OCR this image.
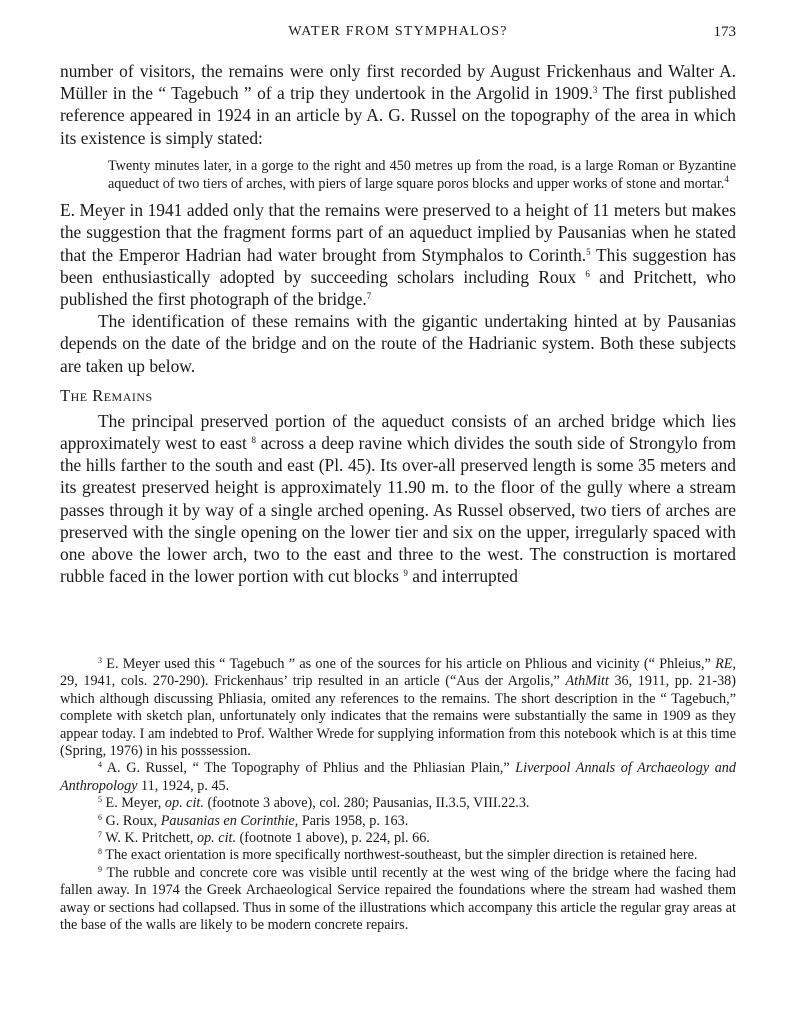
WATER FROM STYMPHALOS?	173

number of visitors, the remains were only first recorded by August Frickenhaus and Walter A. Müller in the “ Tagebuch ” of a trip they undertook in the Argolid in 1909.$^3$ The first published reference appeared in 1924 in an article by A. G. Russel on the topography of the area in which its existence is simply stated:

Twenty minutes later, in a gorge to the right and 450 metres up from the road, is a large Roman or Byzantine aqueduct of two tiers of arches, with piers of large square poros blocks and upper works of stone and mortar.$^4$

E. Meyer in 1941 added only that the remains were preserved to a height of 11 meters but makes the suggestion that the fragment forms part of an aqueduct implied by Pausanias when he stated that the Emperor Hadrian had water brought from Stymphalos to Corinth.$^5$ This suggestion has been enthusiastically adopted by succeeding scholars including Roux $^6$ and Pritchett, who published the first photograph of the bridge.$^7$

The identification of these remains with the gigantic undertaking hinted at by Pausanias depends on the date of the bridge and on the route of the Hadrianic system. Both these subjects are taken up below.

The Remains

The principal preserved portion of the aqueduct consists of an arched bridge which lies approximately west to east $^8$ across a deep ravine which divides the south side of Strongylo from the hills farther to the south and east (Pl. 45). Its over-all preserved length is some 35 meters and its greatest preserved height is approximately 11.90 m. to the floor of the gully where a stream passes through it by way of a single arched opening. As Russel observed, two tiers of arches are preserved with the single opening on the lower tier and six on the upper, irregularly spaced with one above the lower arch, two to the east and three to the west. The construction is mortared rubble faced in the lower portion with cut blocks $^9$ and interrupted

$^3$ E. Meyer used this “ Tagebuch ” as one of the sources for his article on Phlious and vicinity (“ Phleius,” RE, 29, 1941, cols. 270-290). Frickenhaus’ trip resulted in an article (“Aus der Argolis,” AthMitt 36, 1911, pp. 21-38) which although discussing Phliasia, omited any references to the remains. The short description in the “ Tagebuch,” complete with sketch plan, unfortunately only indicates that the remains were substantially the same in 1909 as they appear today. I am indebted to Prof. Walther Wrede for supplying information from this notebook which is at this time (Spring, 1976) in his posssession.

$^4$ A. G. Russel, “ The Topography of Phlius and the Phliasian Plain,” Liverpool Annals of Archaeology and Anthropology 11, 1924, p. 45.

$^5$ E. Meyer, op. cit. (footnote 3 above), col. 280; Pausanias, II.3.5, VIII.22.3.

$^6$ G. Roux, Pausanias en Corinthie, Paris 1958, p. 163.

$^7$ W. K. Pritchett, op. cit. (footnote 1 above), p. 224, pl. 66.

$^8$ The exact orientation is more specifically northwest-southeast, but the simpler direction is retained here.

$^9$ The rubble and concrete core was visible until recently at the west wing of the bridge where the facing had fallen away. In 1974 the Greek Archaeological Service repaired the foundations where the stream had washed them away or sections had collapsed. Thus in some of the illustrations which accompany this article the regular gray areas at the base of the walls are likely to be modern concrete repairs.
